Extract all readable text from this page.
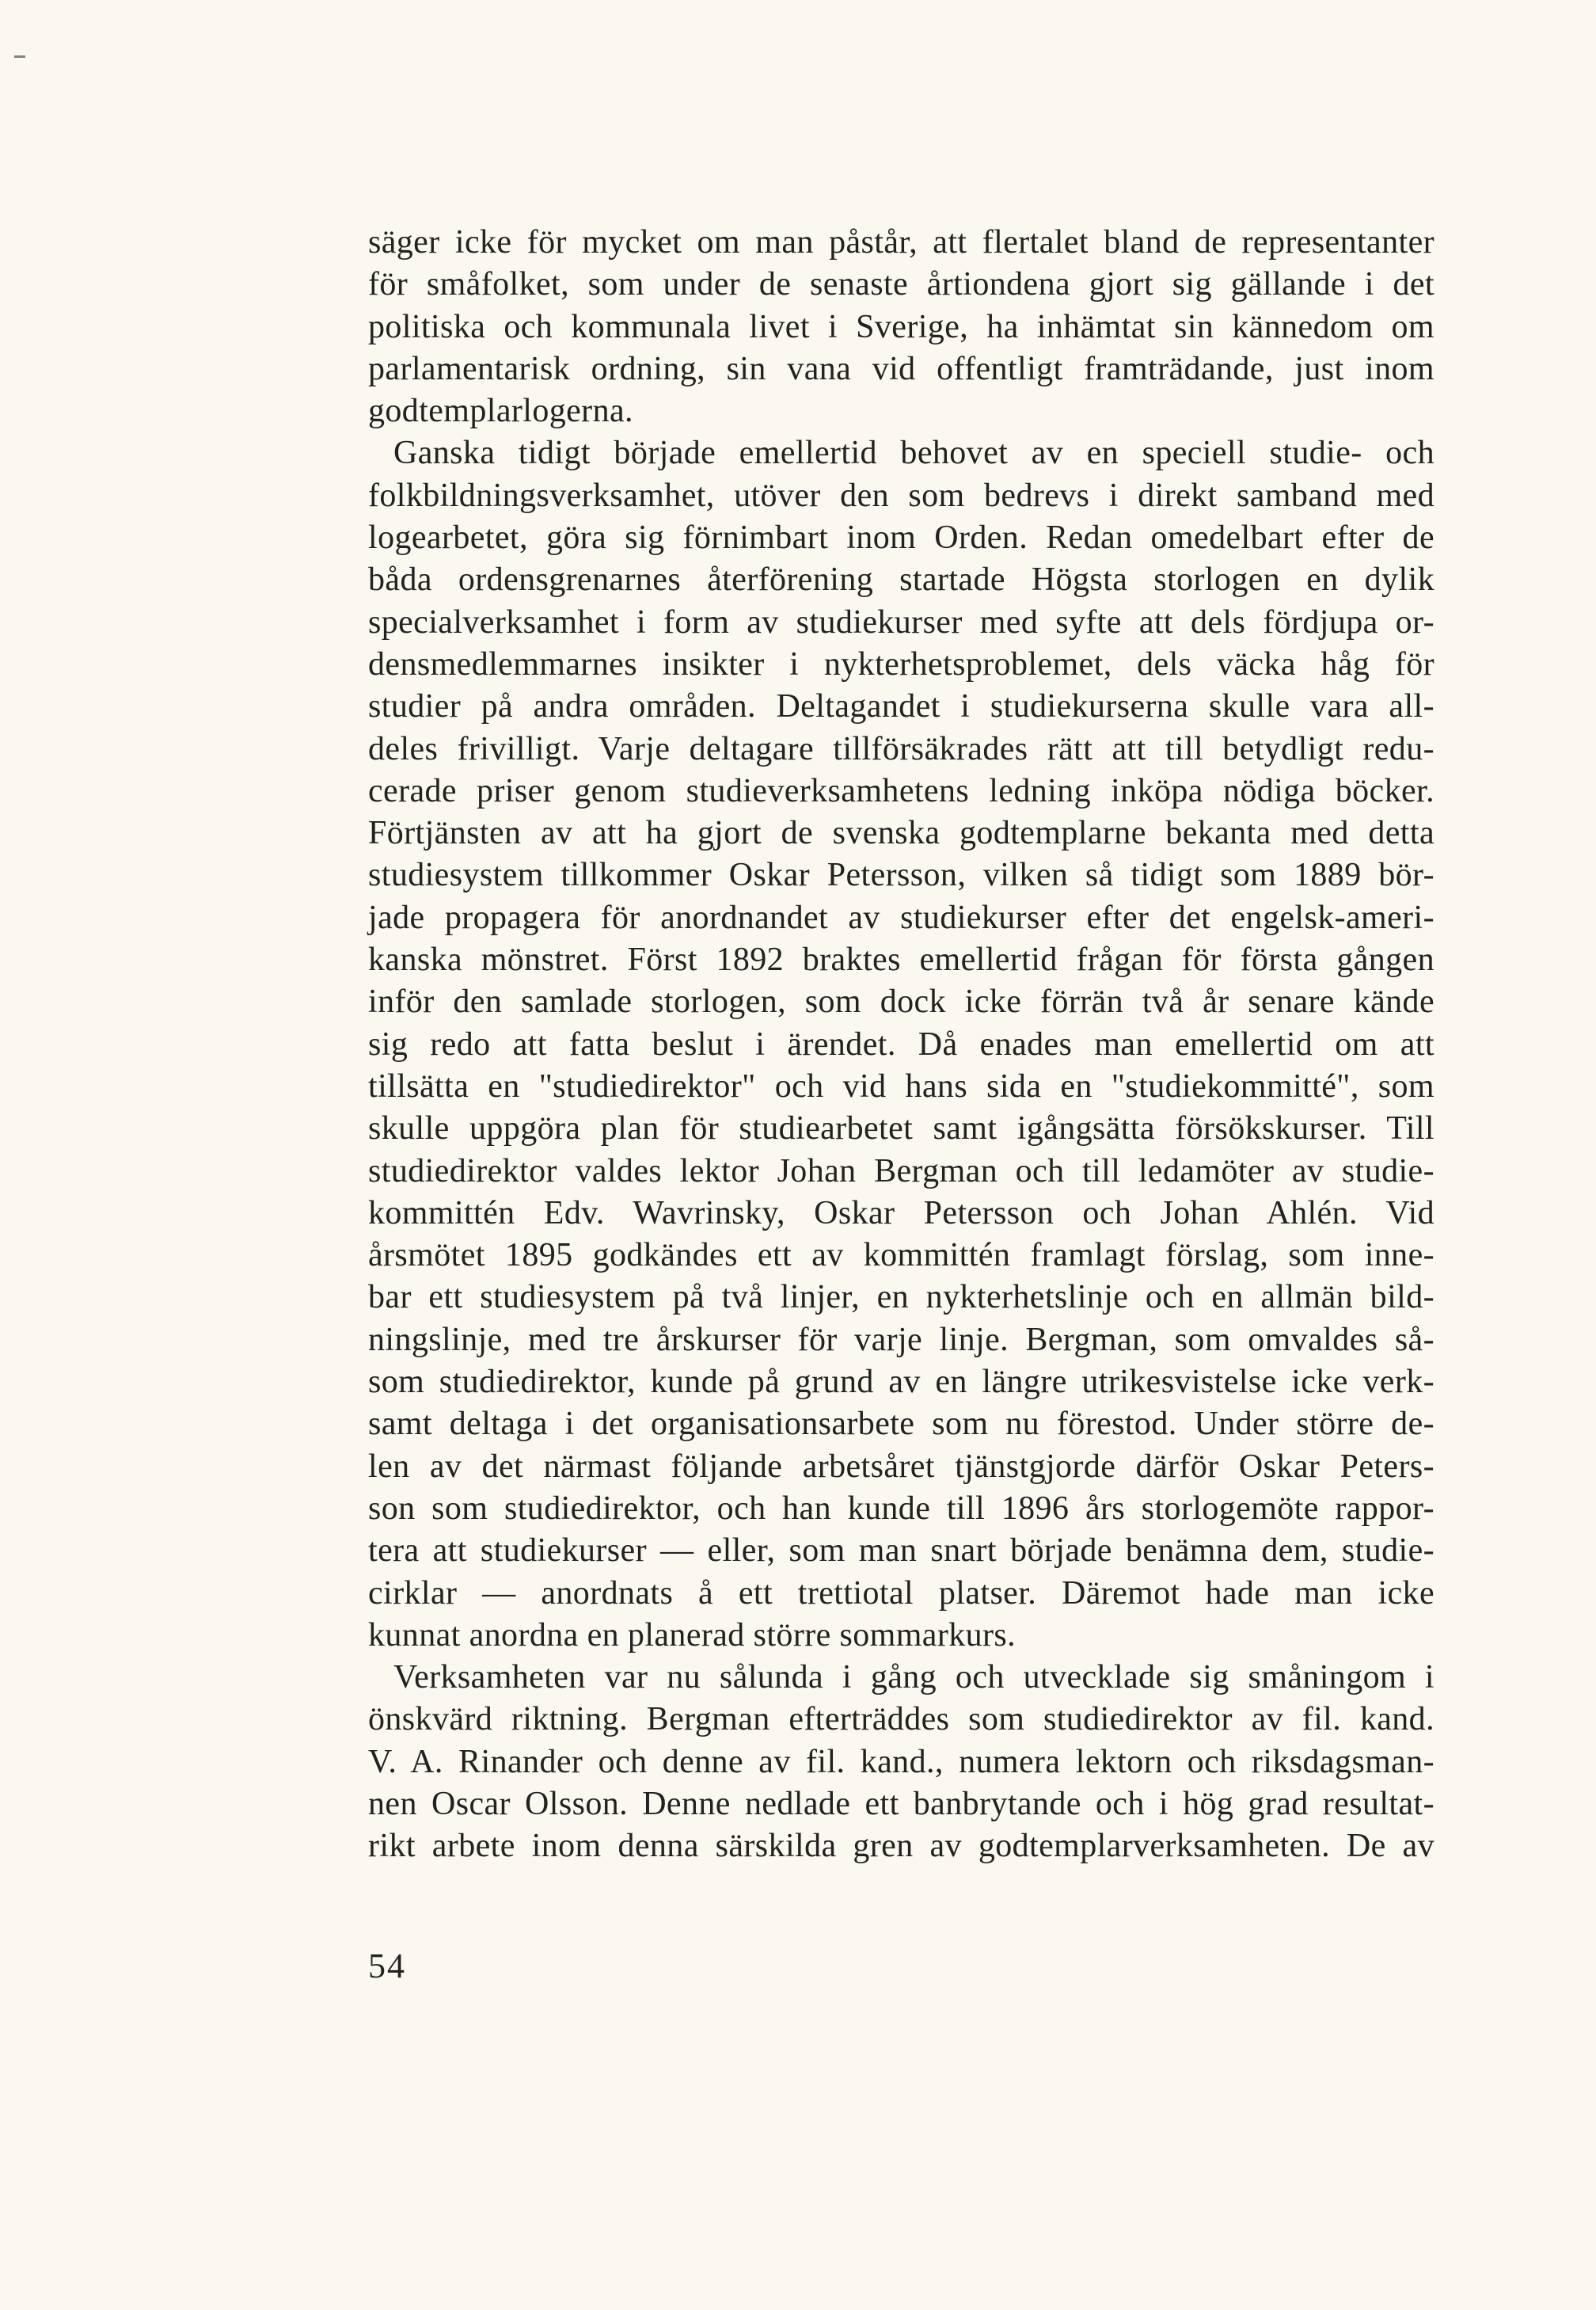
säger icke för mycket om man påstår, att flertalet bland de representanter
för småfolket, som under de senaste årtiondena gjort sig gällande i det
politiska och kommunala livet i Sverige, ha inhämtat sin kännedom om
parlamentarisk ordning, sin vana vid offentligt framträdande, just inom
godtemplarlogerna.
Ganska tidigt började emellertid behovet av en speciell studie- och
folkbildningsverksamhet, utöver den som bedrevs i direkt samband med
logearbetet, göra sig förnimbart inom Orden. Redan omedelbart efter de
båda ordensgrenarnes återförening startade Högsta storlogen en dylik
specialverksamhet i form av studiekurser med syfte att dels fördjupa or-
densmedlemmarnes insikter i nykterhetsproblemet, dels väcka håg för
studier på andra områden. Deltagandet i studiekurserna skulle vara all-
deles frivilligt. Varje deltagare tillförsäkrades rätt att till betydligt redu-
cerade priser genom studieverksamhetens ledning inköpa nödiga böcker.
Förtjänsten av att ha gjort de svenska godtemplarne bekanta med detta
studiesystem tillkommer Oskar Petersson, vilken så tidigt som 1889 bör-
jade propagera för anordnandet av studiekurser efter det engelsk-ameri-
kanska mönstret. Först 1892 braktes emellertid frågan för första gången
inför den samlade storlogen, som dock icke förrän två år senare kände
sig redo att fatta beslut i ärendet. Då enades man emellertid om att
tillsätta en "studiedirektor" och vid hans sida en "studiekommitté", som
skulle uppgöra plan för studiearbetet samt igångsätta försökskurser. Till
studiedirektor valdes lektor Johan Bergman och till ledamöter av studie-
kommittén Edv. Wavrinsky, Oskar Petersson och Johan Ahlén. Vid
årsmötet 1895 godkändes ett av kommittén framlagt förslag, som inne-
bar ett studiesystem på två linjer, en nykterhetslinje och en allmän bild-
ningslinje, med tre årskurser för varje linje. Bergman, som omvaldes så-
som studiedirektor, kunde på grund av en längre utrikesvistelse icke verk-
samt deltaga i det organisationsarbete som nu förestod. Under större de-
len av det närmast följande arbetsåret tjänstgjorde därför Oskar Peters-
son som studiedirektor, och han kunde till 1896 års storlogemöte rappor-
tera att studiekurser — eller, som man snart började benämna dem, studie-
cirklar — anordnats å ett trettiotal platser. Däremot hade man icke
kunnat anordna en planerad större sommarkurs.
Verksamheten var nu sålunda i gång och utvecklade sig småningom i
önskvärd riktning. Bergman efterträddes som studiedirektor av fil. kand.
V. A. Rinander och denne av fil. kand., numera lektorn och riksdagsman-
nen Oscar Olsson. Denne nedlade ett banbrytande och i hög grad resultat-
rikt arbete inom denna särskilda gren av godtemplarverksamheten. De av
54
